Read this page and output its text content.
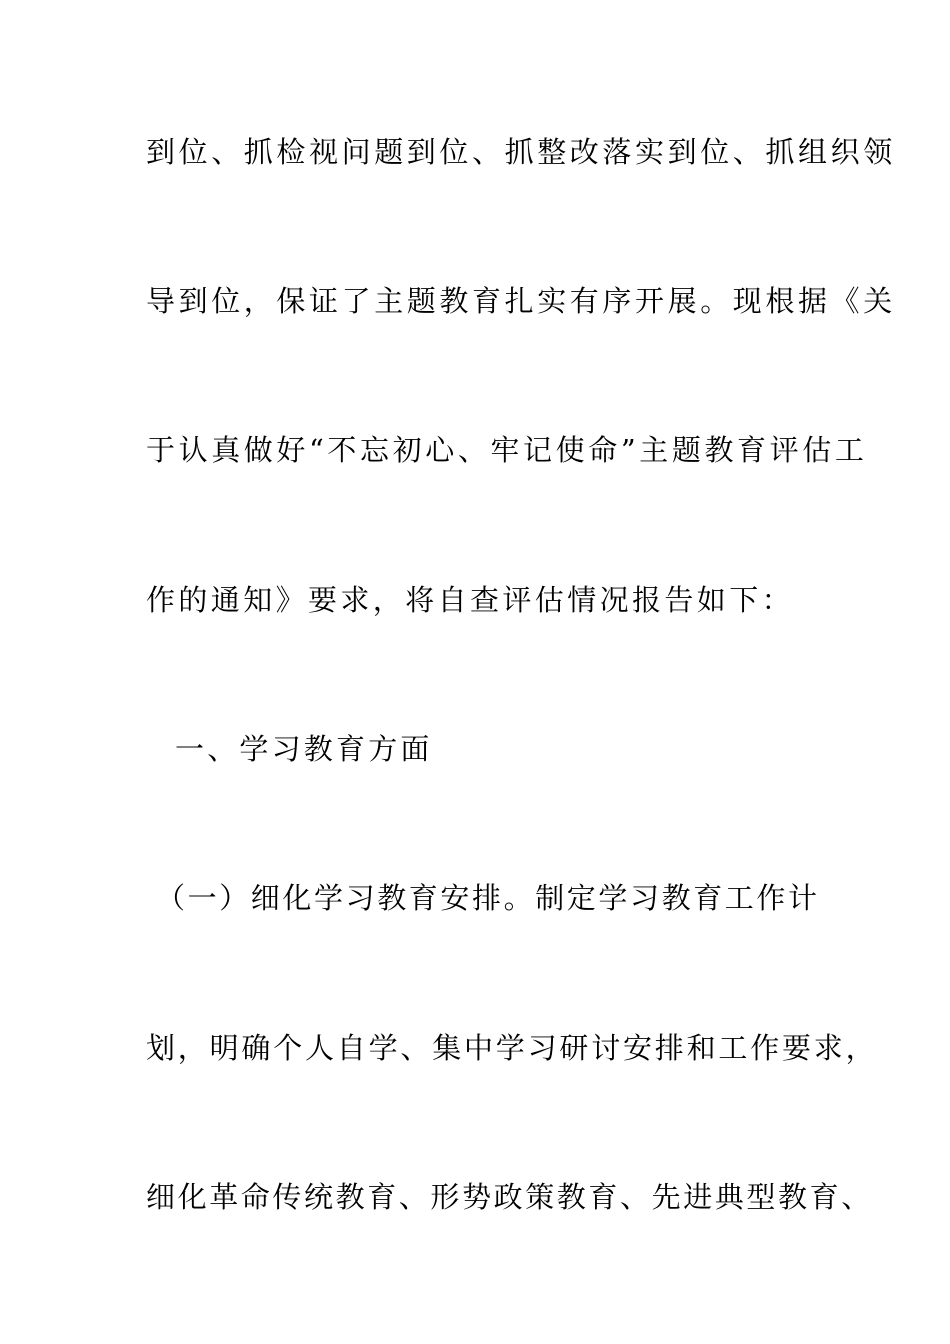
到位、抓检视问题到位、抓整改落实到位、抓组织领
导到位，保证了主题教育扎实有序开展。现根据《关
于认真做好“不忘初心、牢记使命”主题教育评估工
作的通知》要求，将自查评估情况报告如下：
一、学习教育方面
（一）细化学习教育安排。制定学习教育工作计
划，明确个人自学、集中学习研讨安排和工作要求，
细化革命传统教育、形势政策教育、先进典型教育、
